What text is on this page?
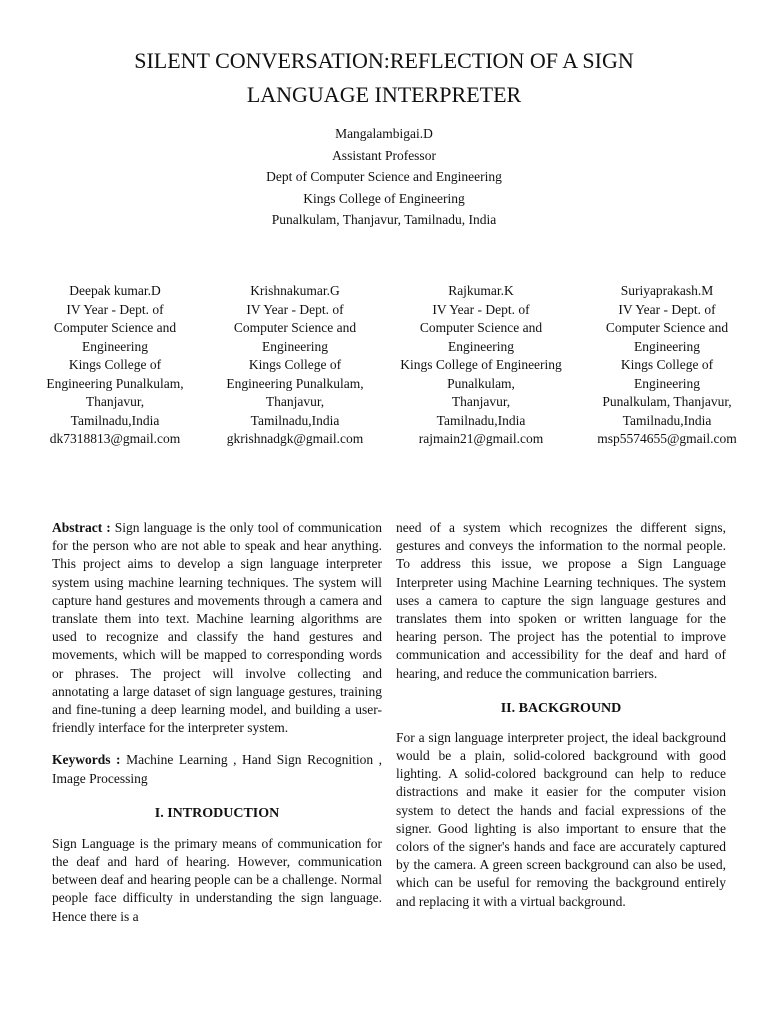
SILENT CONVERSATION:REFLECTION OF A SIGN
LANGUAGE INTERPRETER
Mangalambigai.D
Assistant Professor
Dept of Computer Science and Engineering
Kings College of Engineering
Punalkulam, Thanjavur, Tamilnadu, India
Deepak kumar.D
IV Year - Dept. of
Computer Science and
Engineering
Kings College of
Engineering Punalkulam,
Thanjavur,
Tamilnadu,India
dk7318813@gmail.com
Krishnakumar.G
IV Year - Dept. of
Computer Science and
Engineering
Kings College of
Engineering Punalkulam,
Thanjavur,
Tamilnadu,India
gkrishnadgk@gmail.com
Rajkumar.K
IV Year - Dept. of
Computer Science and
Engineering
Kings College of Engineering
Punalkulam,
Thanjavur,
Tamilnadu,India
rajmain21@gmail.com
Suriyaprakash.M
IV Year - Dept. of
Computer Science and
Engineering
Kings College of
Engineering
Punalkulam, Thanjavur,
Tamilnadu,India
msp5574655@gmail.com

Abstract : Sign language is the only tool of communication for the person who are not able to speak and hear anything. This project aims to develop a sign language interpreter system using machine learning techniques. The system will capture hand gestures and movements through a camera and translate them into text. Machine learning algorithms are used to recognize and classify the hand gestures and movements, which will be mapped to corresponding words or phrases. The project will involve collecting and annotating a large dataset of sign language gestures, training and fine-tuning a deep learning model, and building a user-friendly interface for the interpreter system.

Keywords : Machine Learning , Hand Sign Recognition , Image Processing

I. INTRODUCTION

Sign Language is the primary means of communication for the deaf and hard of hearing. However, communication between deaf and hearing people can be a challenge. Normal people face difficulty in understanding the sign language. Hence there is a

need of a system which recognizes the different signs, gestures and conveys the information to the normal people. To address this issue, we propose a Sign Language Interpreter using Machine Learning techniques. The system uses a camera to capture the sign language gestures and translates them into spoken or written language for the hearing person. The project has the potential to improve communication and accessibility for the deaf and hard of hearing, and reduce the communication barriers.

II. BACKGROUND

For a sign language interpreter project, the ideal background would be a plain, solid-colored background with good lighting. A solid-colored background can help to reduce distractions and make it easier for the computer vision system to detect the hands and facial expressions of the signer. Good lighting is also important to ensure that the colors of the signer's hands and face are accurately captured by the camera. A green screen background can also be used, which can be useful for removing the background entirely and replacing it with a virtual background.
